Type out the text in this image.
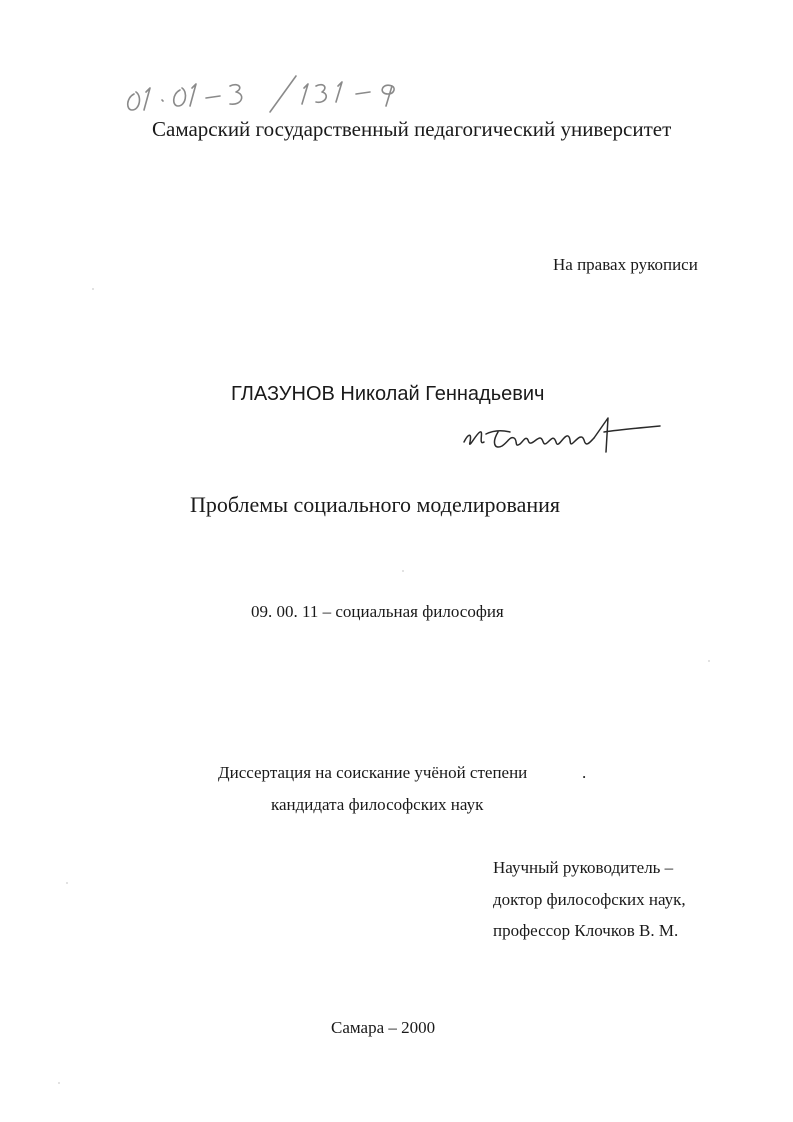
Самарский государственный педагогический университет
На правах рукописи
ГЛАЗУНОВ Николай Геннадьевич
Проблемы социального моделирования
09. 00. 11 – социальная философия
Диссертация на соискание учёной степени	.
кандидата философских наук
Научный руководитель –
доктор философских наук,
профессор Клочков В. М.
Самара – 2000
